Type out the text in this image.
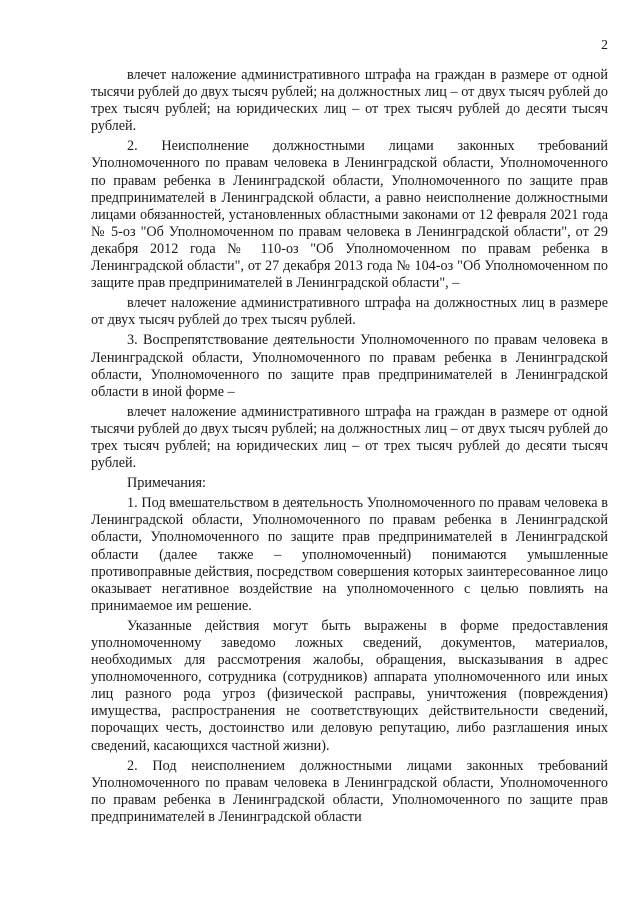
2

влечет наложение административного штрафа на граждан в размере от одной тысячи рублей до двух тысяч рублей; на должностных лиц – от двух тысяч рублей до трех тысяч рублей; на юридических лиц – от трех тысяч рублей до десяти тысяч рублей.

2. Неисполнение должностными лицами законных требований Уполномоченного по правам человека в Ленинградской области, Уполномоченного по правам ребенка в Ленинградской области, Уполномоченного по защите прав предпринимателей в Ленинградской области, а равно неисполнение должностными лицами обязанностей, установленных областными законами от 12 февраля 2021 года № 5-оз "Об Уполномоченном по правам человека в Ленинградской области", от 29 декабря 2012 года № 110-оз "Об Уполномоченном по правам ребенка в Ленинградской области", от 27 декабря 2013 года № 104-оз "Об Уполномоченном по защите прав предпринимателей в Ленинградской области", –

влечет наложение административного штрафа на должностных лиц в размере от двух тысяч рублей до трех тысяч рублей.

3. Воспрепятствование деятельности Уполномоченного по правам человека в Ленинградской области, Уполномоченного по правам ребенка в Ленинградской области, Уполномоченного по защите прав предпринимателей в Ленинградской области в иной форме –

влечет наложение административного штрафа на граждан в размере от одной тысячи рублей до двух тысяч рублей; на должностных лиц – от двух тысяч рублей до трех тысяч рублей; на юридических лиц – от трех тысяч рублей до десяти тысяч рублей.

Примечания:

1. Под вмешательством в деятельность Уполномоченного по правам человека в Ленинградской области, Уполномоченного по правам ребенка в Ленинградской области, Уполномоченного по защите прав предпринимателей в Ленинградской области (далее также – уполномоченный) понимаются умышленные противоправные действия, посредством совершения которых заинтересованное лицо оказывает негативное воздействие на уполномоченного с целью повлиять на принимаемое им решение.

Указанные действия могут быть выражены в форме предоставления уполномоченному заведомо ложных сведений, документов, материалов, необходимых для рассмотрения жалобы, обращения, высказывания в адрес уполномоченного, сотрудника (сотрудников) аппарата уполномоченного или иных лиц разного рода угроз (физической расправы, уничтожения (повреждения) имущества, распространения не соответствующих действительности сведений, порочащих честь, достоинство или деловую репутацию, либо разглашения иных сведений, касающихся частной жизни).

2. Под неисполнением должностными лицами законных требований Уполномоченного по правам человека в Ленинградской области, Уполномоченного по правам ребенка в Ленинградской области, Уполномоченного по защите прав предпринимателей в Ленинградской области
